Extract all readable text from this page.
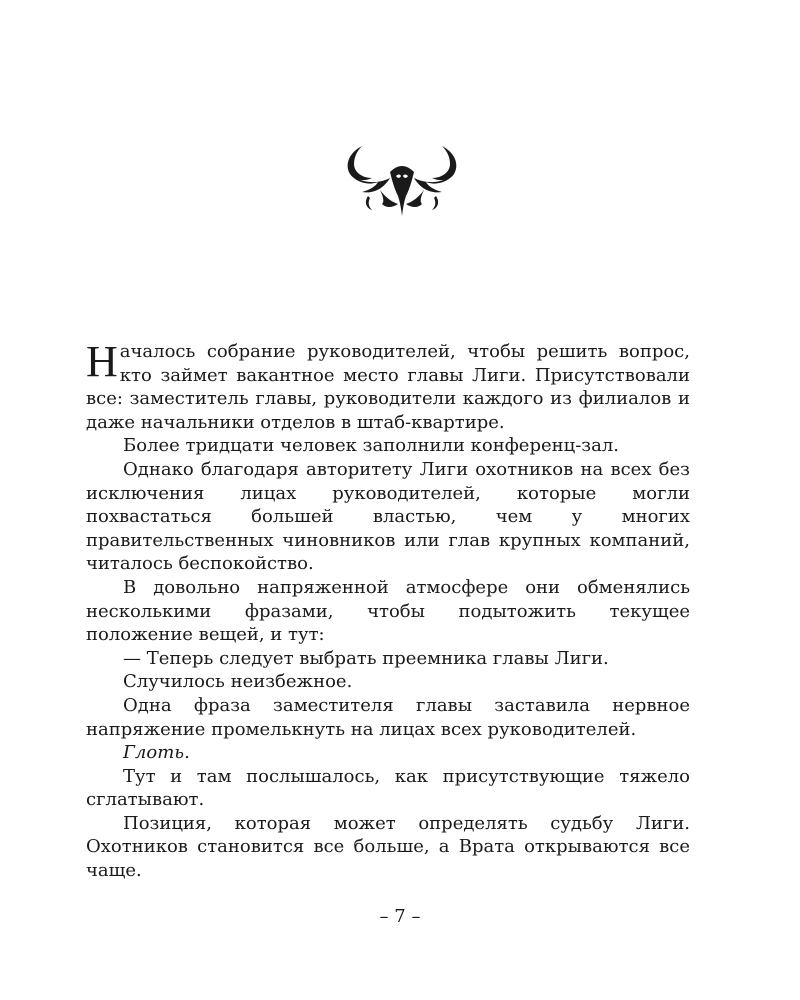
Началось собрание руководителей, чтобы решить вопрос, кто займет вакантное место главы Лиги. Присутствовали все: заместитель главы, руководители каждого из филиалов и даже начальники отделов в штаб-квартире.

Более тридцати человек заполнили конференц-зал.

Однако благодаря авторитету Лиги охотников на всех без исключения лицах руководителей, которые могли похвастаться большей властью, чем у многих правительственных чиновников или глав крупных компаний, читалось беспокойство.

В довольно напряженной атмосфере они обменялись несколькими фразами, чтобы подытожить текущее положение вещей, и тут:

— Теперь следует выбрать преемника главы Лиги.

Случилось неизбежное.

Одна фраза заместителя главы заставила нервное напряжение промелькнуть на лицах всех руководителей.

Глоть.

Тут и там послышалось, как присутствующие тяжело сглатывают.

Позиция, которая может определять судьбу Лиги. Охотников становится все больше, а Врата открываются все чаще.

– 7 –
